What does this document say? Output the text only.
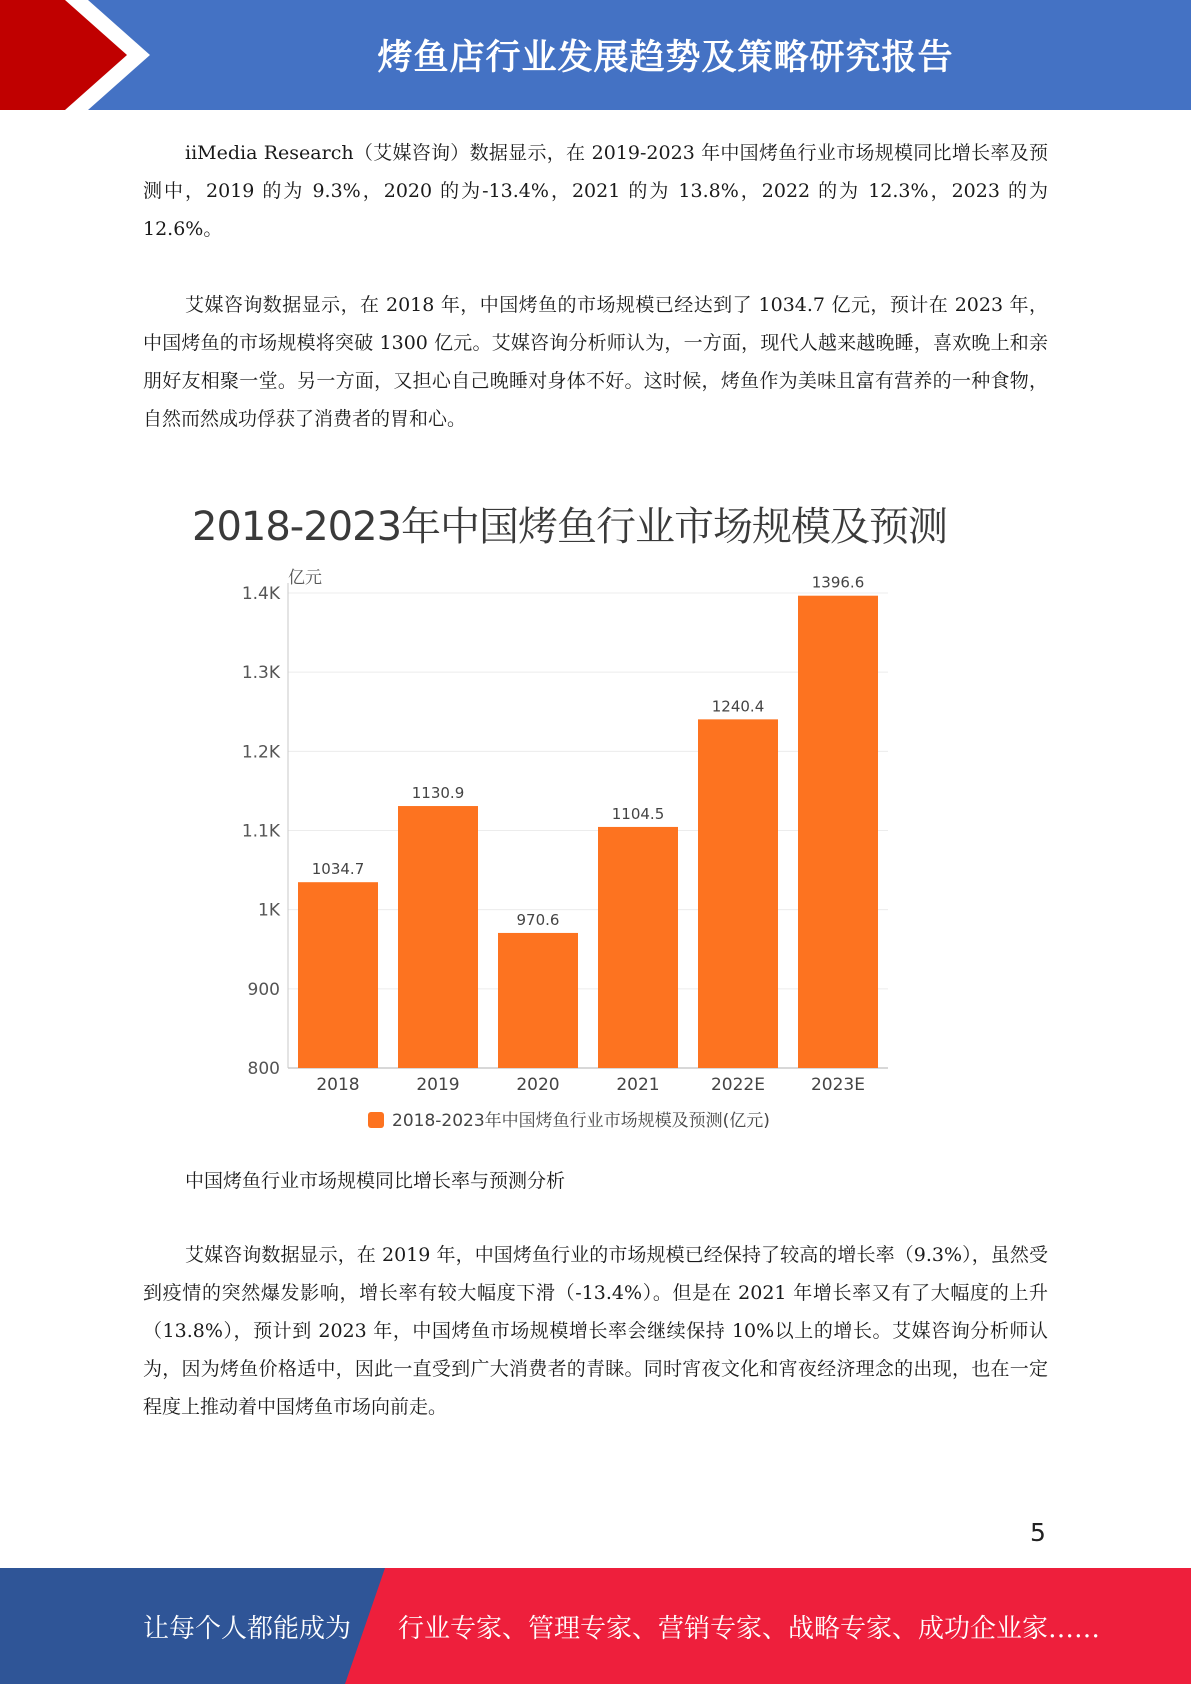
烤鱼店行业发展趋势及策略研究报告

iiMedia Research（艾媒咨询）数据显示，在 2019-2023 年中国烤鱼行业市场规模同比增长率及预测中，2019 的为 9.3%，2020 的为-13.4%，2021 的为 13.8%，2022 的为 12.3%，2023 的为 12.6%。

艾媒咨询数据显示，在 2018 年，中国烤鱼的市场规模已经达到了 1034.7 亿元，预计在 2023 年，中国烤鱼的市场规模将突破 1300 亿元。艾媒咨询分析师认为，一方面，现代人越来越晚睡，喜欢晚上和亲朋好友相聚一堂。另一方面，又担心自己晚睡对身体不好。这时候，烤鱼作为美味且富有营养的一种食物，自然而然成功俘获了消费者的胃和心。

2018-2023年中国烤鱼行业市场规模及预测
800
900
1K
1.1K
1.2K
1.3K
1.4K
亿元
1034.7
2018
1130.9
2019
970.6
2020
1104.5
2021
1240.4
2022E
1396.6
2023E
2018-2023年中国烤鱼行业市场规模及预测(亿元)

中国烤鱼行业市场规模同比增长率与预测分析

艾媒咨询数据显示，在 2019 年，中国烤鱼行业的市场规模已经保持了较高的增长率（9.3%），虽然受到疫情的突然爆发影响，增长率有较大幅度下滑（-13.4%）。但是在 2021 年增长率又有了大幅度的上升（13.8%），预计到 2023 年，中国烤鱼市场规模增长率会继续保持 10%以上的增长。艾媒咨询分析师认为，因为烤鱼价格适中，因此一直受到广大消费者的青睐。同时宵夜文化和宵夜经济理念的出现，也在一定程度上推动着中国烤鱼市场向前走。

5
让每个人都能成为 行业专家、管理专家、营销专家、战略专家、成功企业家……
